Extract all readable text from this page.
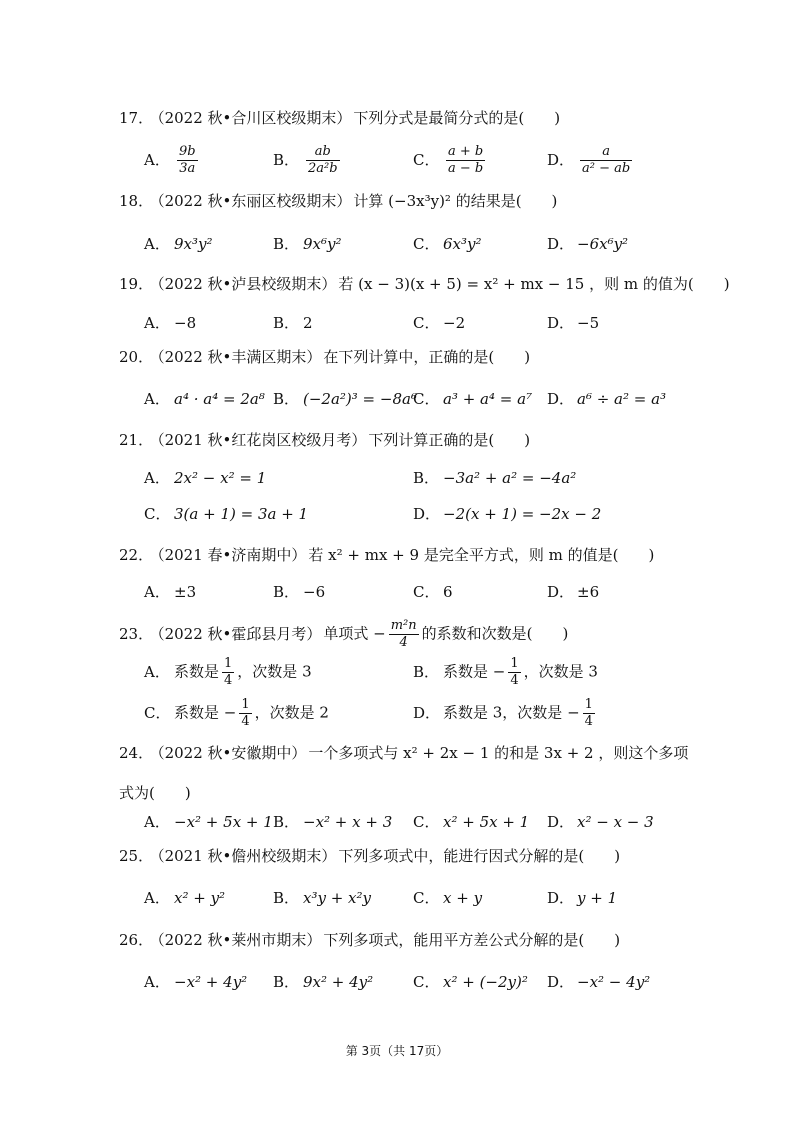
17． （2022 秋•合川区校级期末） 下列分式是最简分式的是(　　)
A． $\frac{9b}{3a}$	B． $\frac{ab}{\text{2a²b}}$	C． $\frac{a + b}{a - b}$	D． $\frac{a}{\text{a² − ab}}$
18． （2022 秋•东丽区校级期末） 计算 (−3x³y)² 的结果是(　　)
A． 9x³y²	B． 9x⁶y²	C． 6x³y²	D． −6x⁶y²
19． （2022 秋•泸县校级期末） 若 (x − 3)(x + 5) = x² + mx − 15 ，则 m 的值为(　　)
A． −8	B． 2	C． −2	D． −5
20． （2022 秋•丰满区期末） 在下列计算中，正确的是(　　)
A． a⁴ · a⁴ = 2a⁸ B． (−2a²)³ = −8a⁶
C． a³ + a⁴ = a⁷ D． a⁶ ÷ a² = a³
21． （2021 秋•红花岗区校级月考） 下列计算正确的是(　　)
A． 2x² − x² = 1	B． −3a² + a² = −4a²
C． 3(a + 1) = 3a + 1	D． −2(x + 1) = −2x − 2
22． （2021 春•济南期中） 若 x² + mx + 9 是完全平方式，则 m 的值是(　　)
A． ±3	B． −6	C． 6	D． ±6
23． （2022 秋•霍邱县月考） 单项式 − $\frac{\text{m²n}}{4}$ 的系数和次数是(　　)
A． 系数是 $\frac{1}{4}$ ，次数是 3	B． 系数是 − $\frac{1}{4}$ ，次数是 3
C． 系数是 − $\frac{1}{4}$ ，次数是 2	D． 系数是 3，次数是 − $\frac{1}{4}$
24． （2022 秋•安徽期中） 一个多项式与 x² + 2x − 1 的和是 3x + 2 ，则这个多项式为(　　)
A． −x² + 5x + 1 B． −x² + x + 3 C． x² + 5x + 1 D． x² − x − 3
25． （2021 秋•儋州校级期末） 下列多项式中，能进行因式分解的是(　　)
A． x² + y²	B． x³y + x²y	C． x + y	D． y + 1
26． （2022 秋•莱州市期末） 下列多项式，能用平方差公式分解的是(　　)
A． −x² + 4y² B． 9x² + 4y²	C． x² + (−2y)² D． −x² − 4y²
第 3页（共 17页）
